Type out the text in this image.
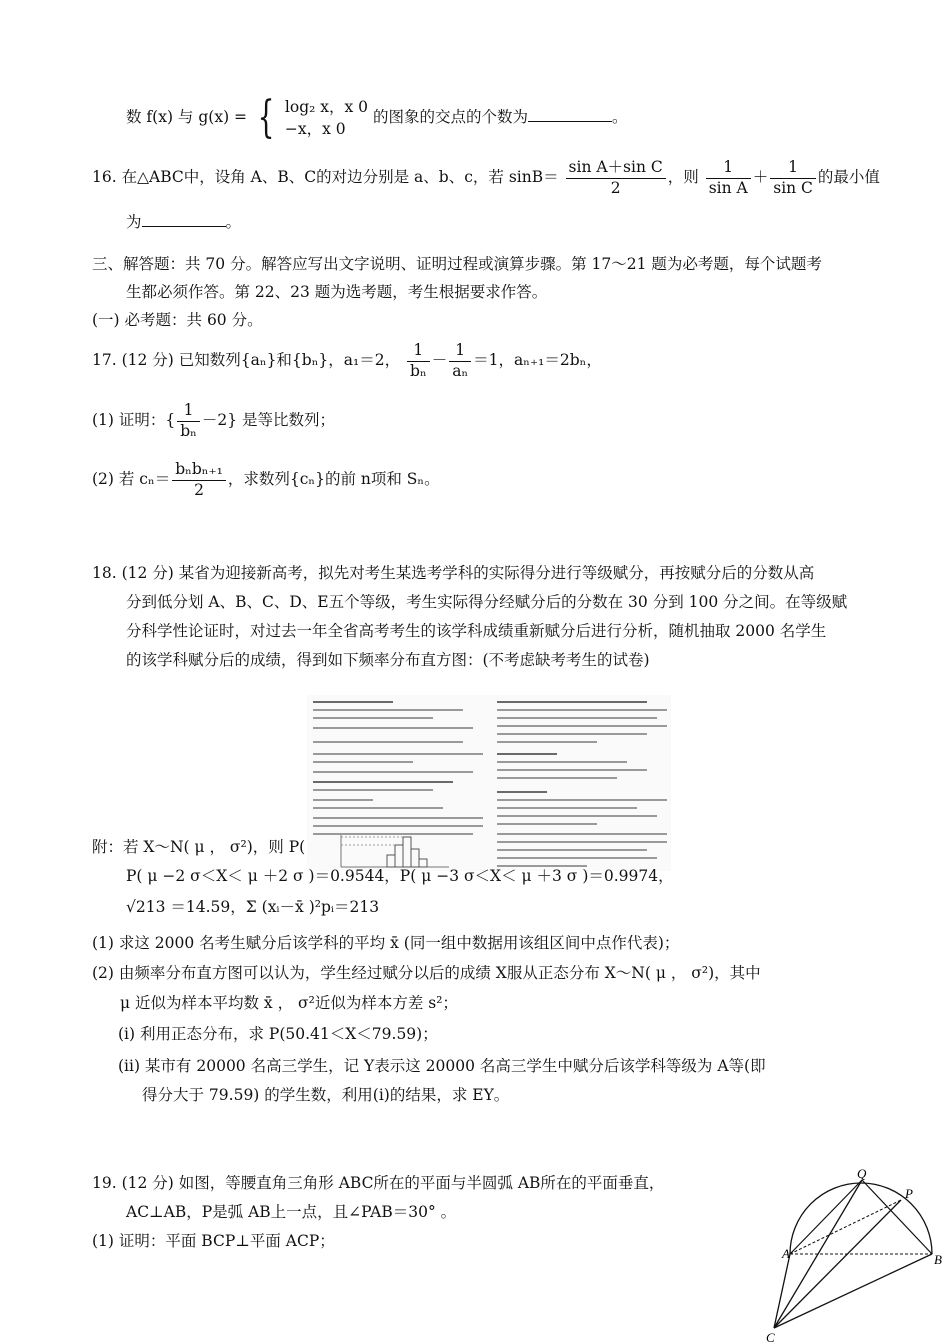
数 f(x) 与 g(x) = { log₂ x，x 0
−x，x 0
的图象的交点的个数为	。
16. 在△ABC中，设角 A、B、C的对边分别是 a、b、c，若 $\sin B= \frac{\text{sin A＋sin C}}{2}$ ，则 $\frac{1}{\text{sin A}} + \frac{1}{\text{sin C}}$ 的最小值
为	。
三、解答题：共 70 分。解答应写出文字说明、证明过程或演算步骤。第 17～21 题为必考题，每个试题考
生都必须作答。第 22、23 题为选考题，考生根据要求作答。
(一) 必考题：共 60 分。
17. (12 分) 已知数列{aₙ}和{bₙ}，a₁＝2， $\frac{1}{\text{bₙ}} - \frac{1}{\text{aₙ}} =1$，aₙ₊₁＝2bₙ，
(1) 证明：{ $\frac{1}{\text{bₙ}} -2$} 是等比数列；
(2) 若 $c_n= \frac{\text{bₙbₙ₊₁}}{2}$ ，求数列{cₙ}的前 n项和 Sₙ。
18. (12 分) 某省为迎接新高考，拟先对考生某选考学科的实际得分进行等级赋分，再按赋分后的分数从高
分到低分划 A、B、C、D、E五个等级，考生实际得分经赋分后的分数在 30 分到 100 分之间。在等级赋
分科学性论证时，对过去一年全省高考考生的该学科成绩重新赋分后进行分析，随机抽取 2000 名学生
的该学科赋分后的成绩，得到如下频率分布直方图：(不考虑缺考考生的试卷)
附：若 X～N( μ ， σ²)，则 P(
P( μ −2 σ＜X＜ μ ＋2 σ )＝0.9544，P( μ −3 σ＜X＜ μ ＋3 σ )＝0.9974，
√213 ＝14.59，Σ (xᵢ－x̄ )²pᵢ＝213
(1) 求这 2000 名考生赋分后该学科的平均 x̄ (同一组中数据用该组区间中点作代表)；
(2) 由频率分布直方图可以认为，学生经过赋分以后的成绩 X服从正态分布 X～N( μ ， σ²)，其中
μ 近似为样本平均数 x̄ ， σ²近似为样本方差 s²；
(i) 利用正态分布，求 P(50.41＜X＜79.59)；
(ii) 某市有 20000 名高三学生，记 Y表示这 20000 名高三学生中赋分后该学科等级为 A等(即
得分大于 79.59) 的学生数，利用(i)的结果，求 EY。
19. (12 分) 如图，等腰直角三角形 ABC所在的平面与半圆弧 AB所在的平面垂直，
AC⊥AB，P是弧 AB上一点，且∠PAB＝30° 。
(1) 证明：平面 BCP⊥平面 ACP；
Q
P
A	B
C
